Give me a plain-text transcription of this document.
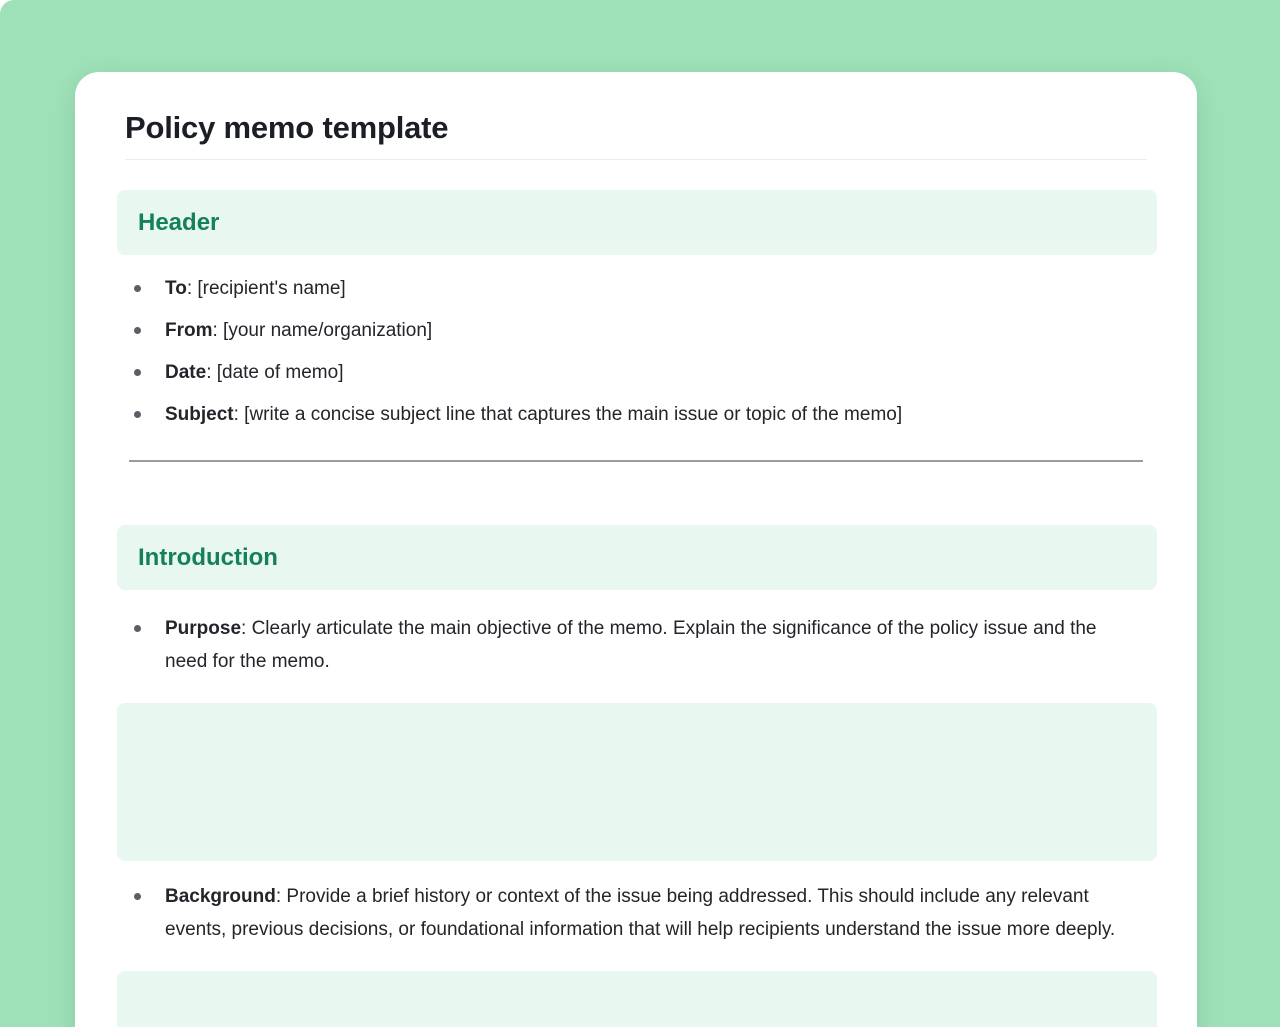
Policy memo template
Header
To: [recipient's name]
From: [your name/organization]
Date: [date of memo]
Subject: [write a concise subject line that captures the main issue or topic of the memo]
Introduction
Purpose: Clearly articulate the main objective of the memo. Explain the significance of the policy issue and the need for the memo.
Background: Provide a brief history or context of the issue being addressed. This should include any relevant events, previous decisions, or foundational information that will help recipients understand the issue more deeply.
